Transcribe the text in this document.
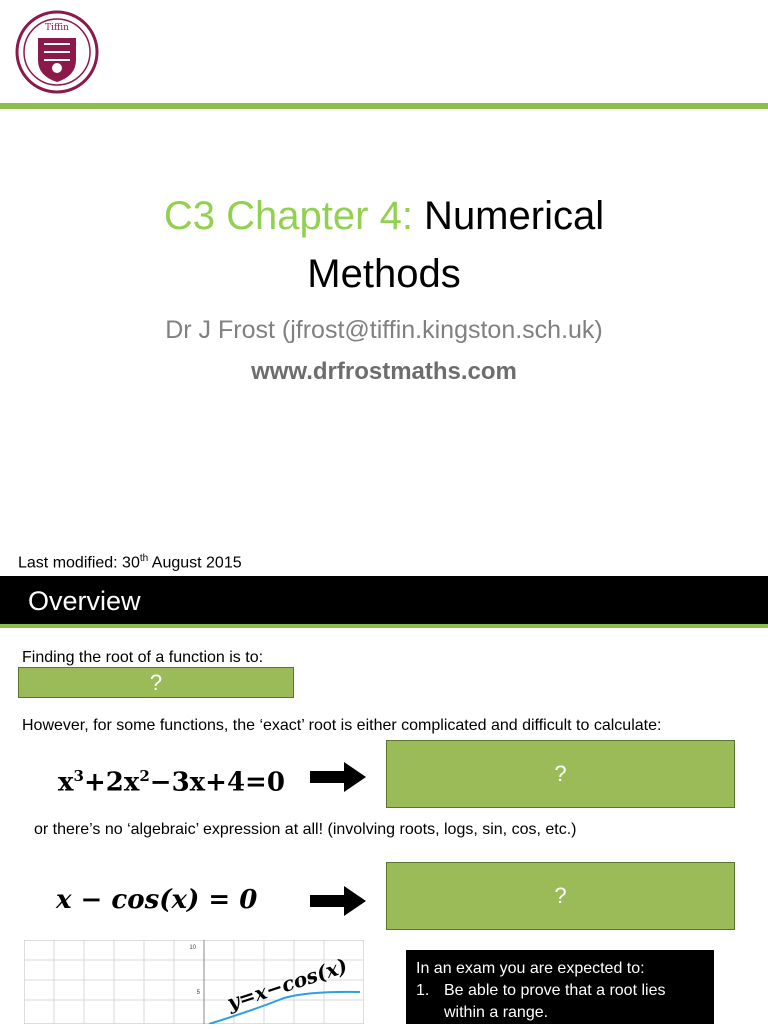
Tiffin
C3 Chapter 4: Numerical
Methods
Dr J Frost (jfrost@tiffin.kingston.sch.uk)
www.drfrostmaths.com
Last modified: 30th August 2015
Overview
Finding the root of a function is to:
?
However, for some functions, the ‘exact’ root is either complicated and difficult to calculate:
$x^3+2x^2-3x+4=0$	?
or there’s no ‘algebraic’ expression at all! (involving roots, logs, sin, cos, etc.)
x − cos(x) = 0	?
10
5 y=x−cos(x)	In an exam you are expected to:
1. Be able to prove that a root lies within a range.
